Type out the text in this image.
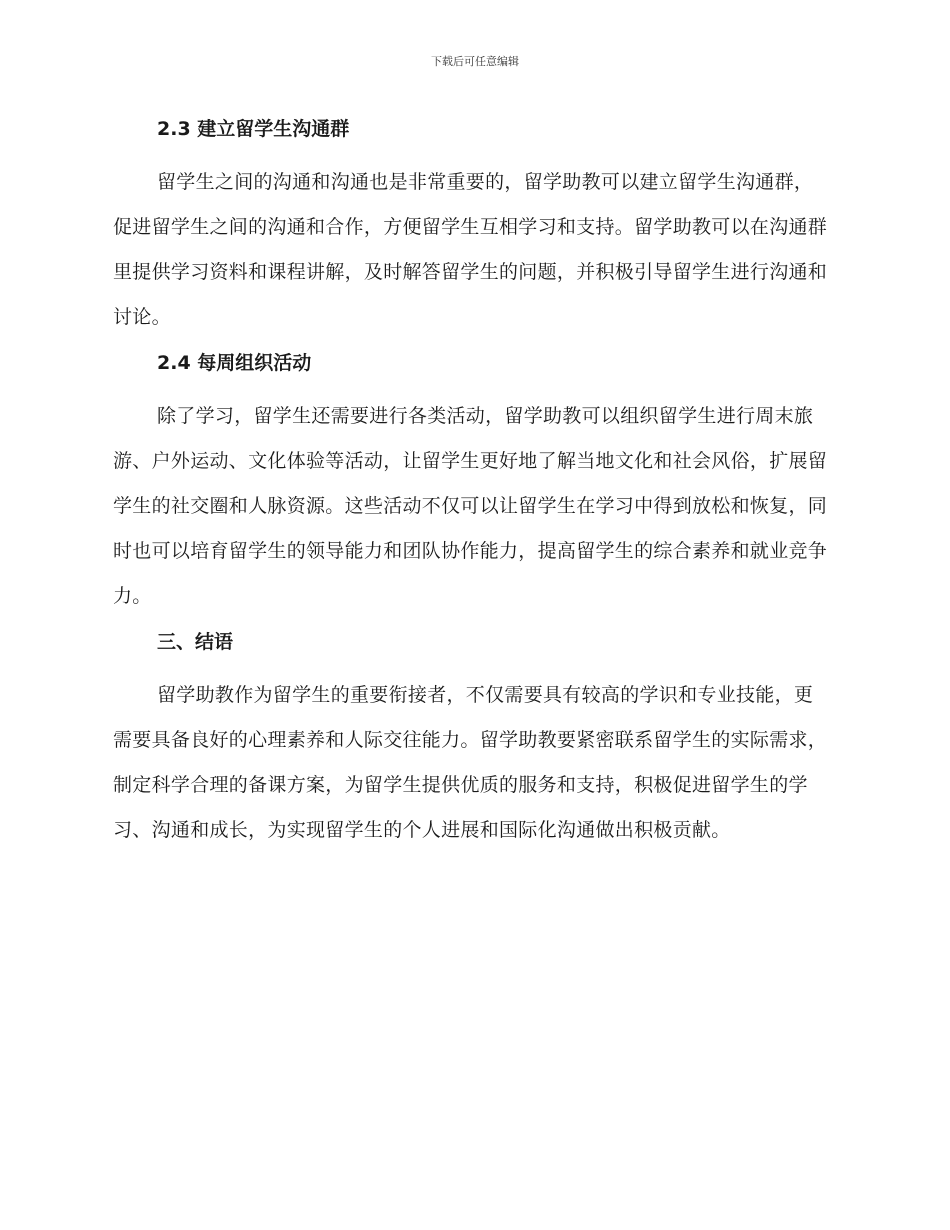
下载后可任意编辑
2.3 建立留学生沟通群

留学生之间的沟通和沟通也是非常重要的，留学助教可以建立留学生沟通群，促进留学生之间的沟通和合作，方便留学生互相学习和支持。留学助教可以在沟通群里提供学习资料和课程讲解，及时解答留学生的问题，并积极引导留学生进行沟通和讨论。

2.4 每周组织活动

除了学习，留学生还需要进行各类活动，留学助教可以组织留学生进行周末旅游、户外运动、文化体验等活动，让留学生更好地了解当地文化和社会风俗，扩展留学生的社交圈和人脉资源。这些活动不仅可以让留学生在学习中得到放松和恢复，同时也可以培育留学生的领导能力和团队协作能力，提高留学生的综合素养和就业竞争力。

三、结语

留学助教作为留学生的重要衔接者，不仅需要具有较高的学识和专业技能，更需要具备良好的心理素养和人际交往能力。留学助教要紧密联系留学生的实际需求，制定科学合理的备课方案，为留学生提供优质的服务和支持，积极促进留学生的学习、沟通和成长，为实现留学生的个人进展和国际化沟通做出积极贡献。
